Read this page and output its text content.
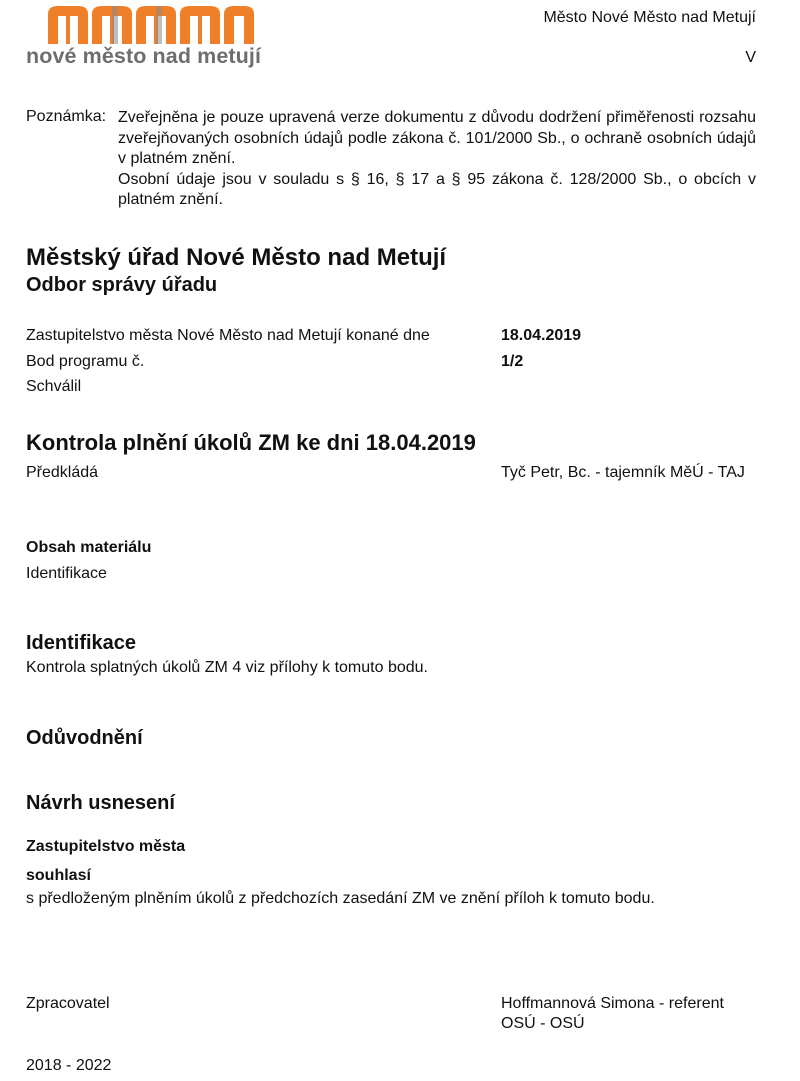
nové město nad metují
Město Nové Město nad Metují
V
Poznámka: Zveřejněna je pouze upravená verze dokumentu z důvodu dodržení přiměřenosti rozsahu zveřejňovaných osobních údajů podle zákona č. 101/2000 Sb., o ochraně osobních údajů v platném znění.

Osobní údaje jsou v souladu s § 16, § 17 a § 95 zákona č. 128/2000 Sb., o obcích v platném znění.

Městský úřad Nové Město nad Metují
Odbor správy úřadu
Zastupitelstvo města Nové Město nad Metují konané dne	18.04.2019
Bod programu č.	1/2
Schválil
Kontrola plnění úkolů ZM ke dni 18.04.2019
Předkládá	Tyč Petr, Bc. - tajemník MěÚ - TAJ
Obsah materiálu
Identifikace
Identifikace
Kontrola splatných úkolů ZM 4 viz přílohy k tomuto bodu.
Odůvodnění
Návrh usnesení
Zastupitelstvo města
souhlasí
s předloženým plněním úkolů z předchozích zasedání ZM ve znění příloh k tomuto bodu.
Zpracovatel	Hoffmannová Simona - referent OSÚ - OSÚ
2018 - 2022
